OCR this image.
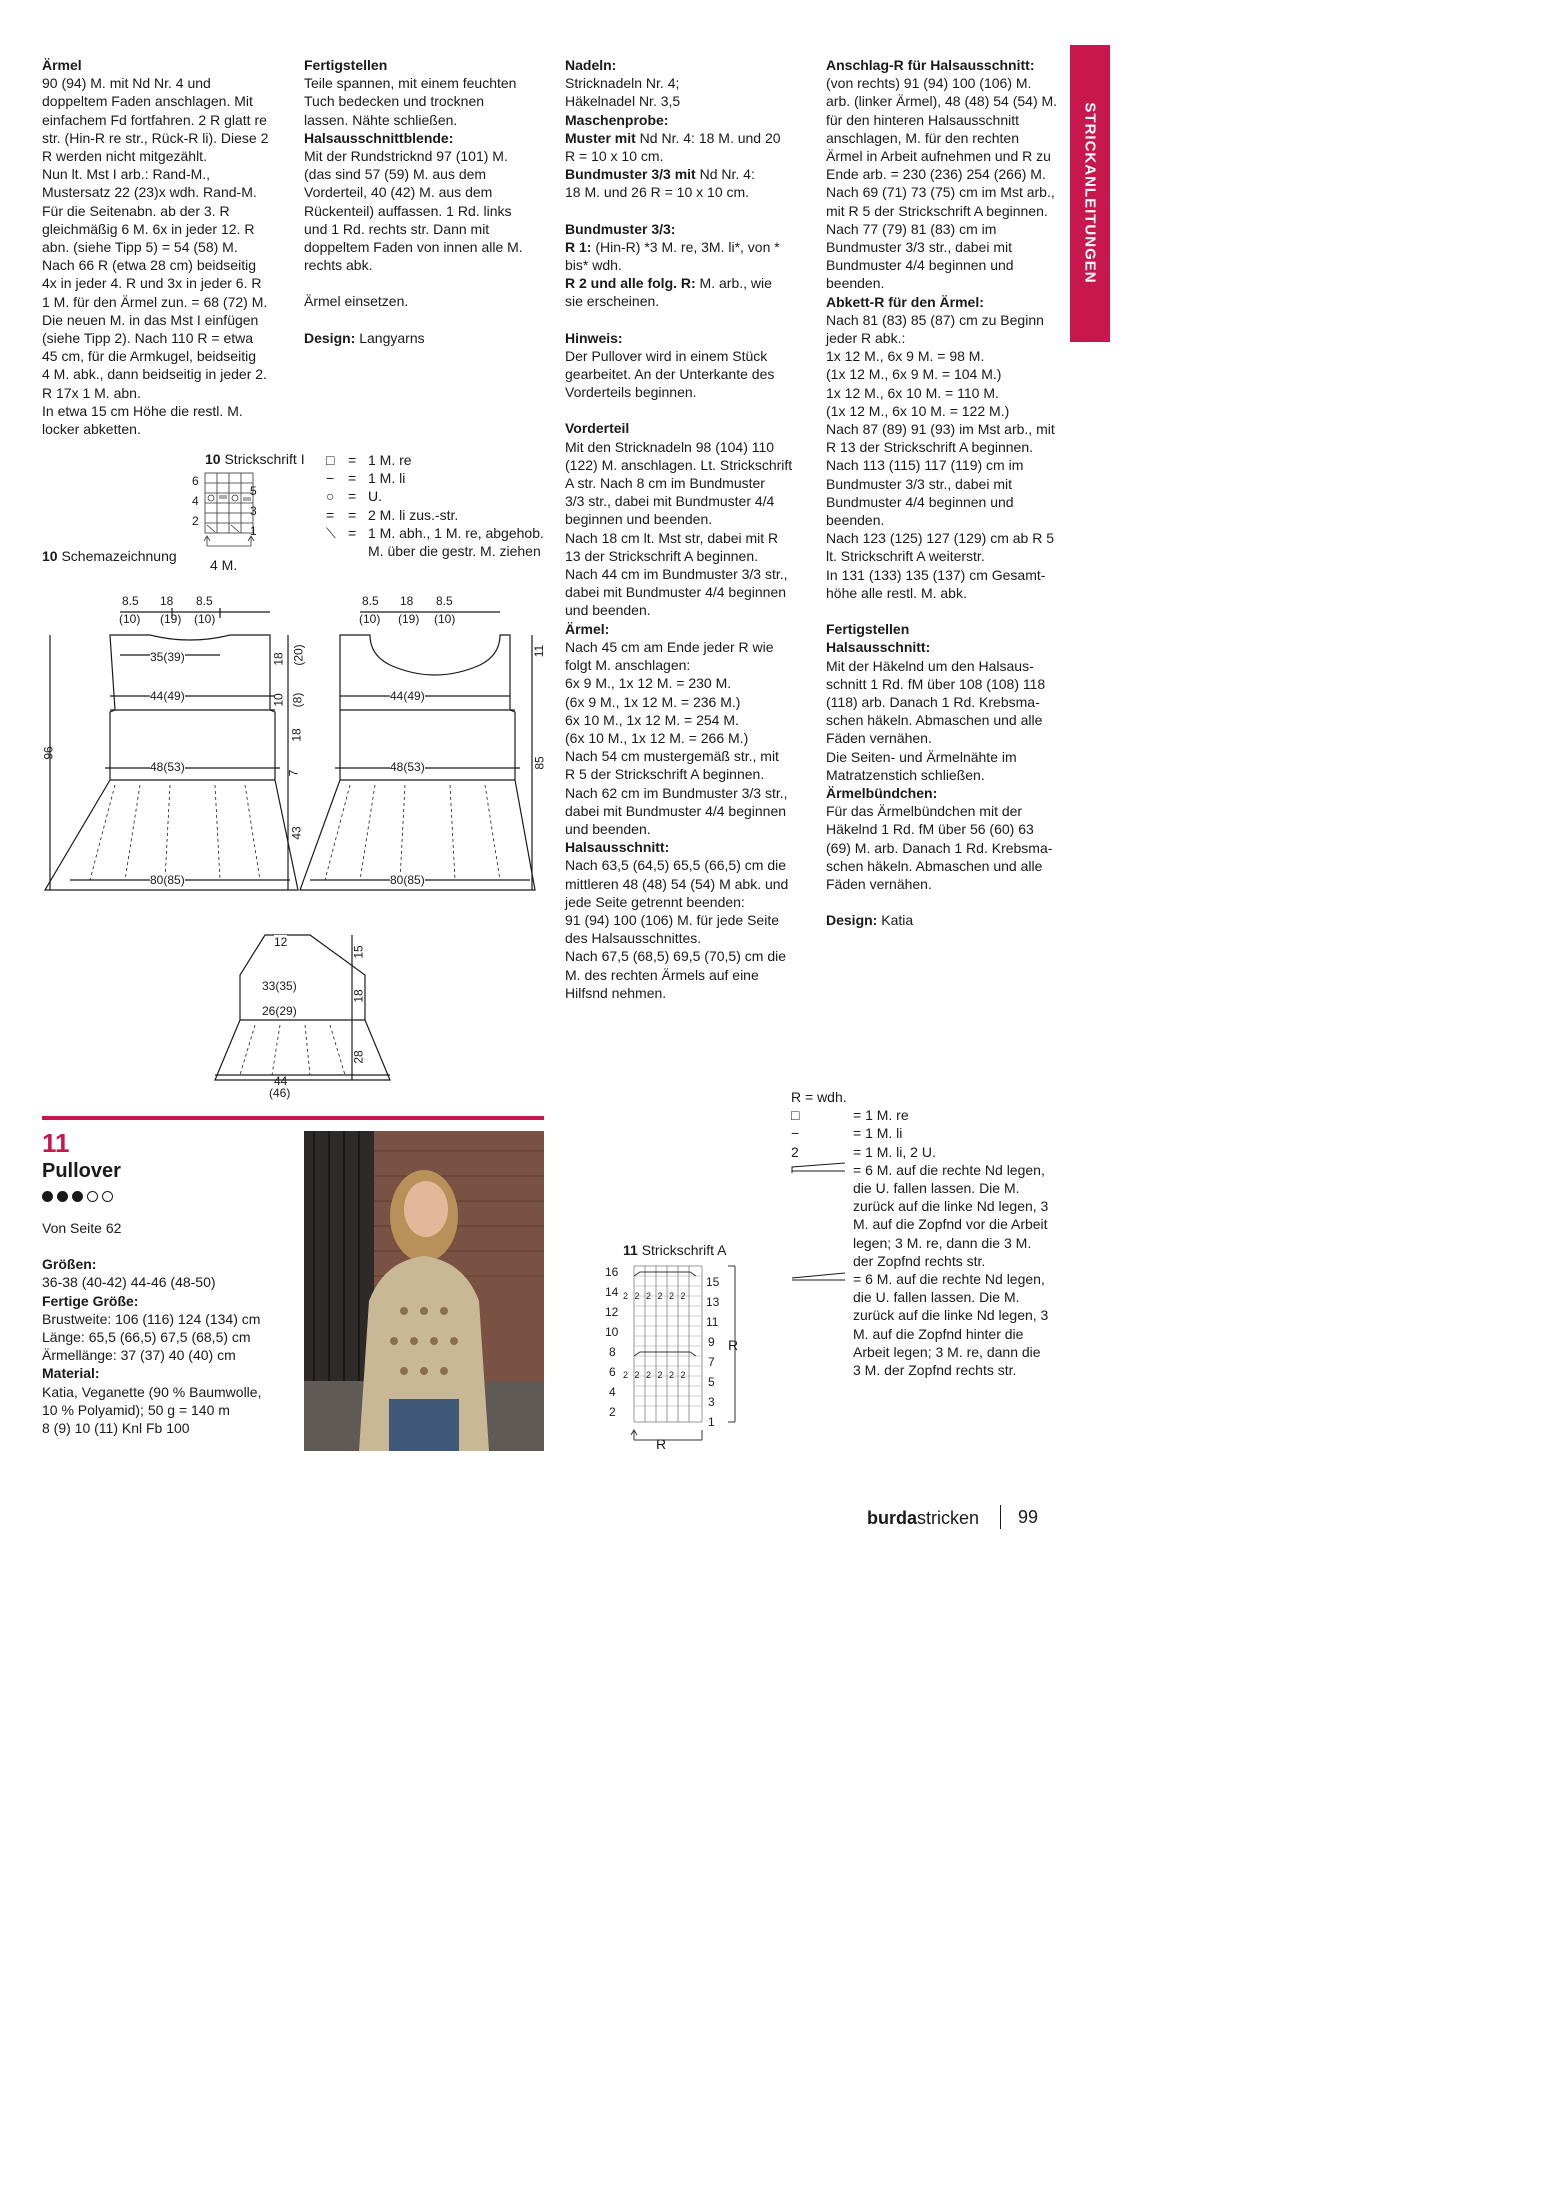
STRICKANLEITUNGEN

Ärmel

90 (94) M. mit Nd Nr. 4 und
doppeltem Faden anschlagen. Mit
einfachem Fd fortfahren. 2 R glatt re
str. (Hin-R re str., Rück-R li). Diese 2
R werden nicht mitgezählt.
Nun lt. Mst I arb.: Rand-M.,
Mustersatz 22 (23)x wdh. Rand-M.
Für die Seitenabn. ab der 3. R
gleichmäßig 6 M. 6x in jeder 12. R
abn. (siehe Tipp 5) = 54 (58) M.
Nach 66 R (etwa 28 cm) beidseitig
4x in jeder 4. R und 3x in jeder 6. R
1 M. für den Ärmel zun. = 68 (72) M.
Die neuen M. in das Mst I einfügen
(siehe Tipp 2). Nach 110 R = etwa
45 cm, für die Armkugel, beidseitig
4 M. abk., dann beidseitig in jeder 2.
R 17x 1 M. abn.
In etwa 15 cm Höhe die restl. M.
locker abketten.

Fertigstellen

Teile spannen, mit einem feuchten
Tuch bedecken und trocknen
lassen. Nähte schließen.

Halsausschnittblende:

Mit der Rundstricknd 97 (101) M.
(das sind 57 (59) M. aus dem
Vorderteil, 40 (42) M. aus dem
Rückenteil) auffassen. 1 Rd. links
und 1 Rd. rechts str. Dann mit
doppeltem Faden von innen alle M.
rechts abk.

Ärmel einsetzen.

Design: Langyarns

Nadeln:

Stricknadeln Nr. 4;
Häkelnadel Nr. 3,5

Maschenprobe:

Muster mit Nd Nr. 4: 18 M. und 20
R = 10 x 10 cm.

Bundmuster 3/3 mit Nd Nr. 4:
18 M. und 26 R = 10 x 10 cm.

Bundmuster 3/3:

R 1: (Hin-R) *3 M. re, 3M. li*, von *
bis* wdh.

R 2 und alle folg. R: M. arb., wie
sie erscheinen.

Hinweis:

Der Pullover wird in einem Stück
gearbeitet. An der Unterkante des
Vorderteils beginnen.

Vorderteil

Mit den Stricknadeln 98 (104) 110
(122) M. anschlagen. Lt. Strickschrift
A str. Nach 8 cm im Bundmuster
3/3 str., dabei mit Bundmuster 4/4
beginnen und beenden.
Nach 18 cm lt. Mst str, dabei mit R
13 der Strickschrift A beginnen.
Nach 44 cm im Bundmuster 3/3 str.,
dabei mit Bundmuster 4/4 beginnen
und beenden.

Ärmel:

Nach 45 cm am Ende jeder R wie
folgt M. anschlagen:
6x 9 M., 1x 12 M. = 230 M.
(6x 9 M., 1x 12 M. = 236 M.)
6x 10 M., 1x 12 M. = 254 M.
(6x 10 M., 1x 12 M. = 266 M.)
Nach 54 cm mustergemäß str., mit
R 5 der Strickschrift A beginnen.
Nach 62 cm im Bundmuster 3/3 str.,
dabei mit Bundmuster 4/4 beginnen
und beenden.

Halsausschnitt:

Nach 63,5 (64,5) 65,5 (66,5) cm die
mittleren 48 (48) 54 (54) M abk. und
jede Seite getrennt beenden:
91 (94) 100 (106) M. für jede Seite
des Halsausschnittes.
Nach 67,5 (68,5) 69,5 (70,5) cm die
M. des rechten Ärmels auf eine
Hilfsnd nehmen.

Anschlag-R für Halsausschnitt:

(von rechts) 91 (94) 100 (106) M.
arb. (linker Ärmel), 48 (48) 54 (54) M.
für den hinteren Halsausschnitt
anschlagen, M. für den rechten
Ärmel in Arbeit aufnehmen und R zu
Ende arb. = 230 (236) 254 (266) M.
Nach 69 (71) 73 (75) cm im Mst arb.,
mit R 5 der Strickschrift A beginnen.
Nach 77 (79) 81 (83) cm im
Bundmuster 3/3 str., dabei mit
Bundmuster 4/4 beginnen und
beenden.

Abkett-R für den Ärmel:

Nach 81 (83) 85 (87) cm zu Beginn
jeder R abk.:
1x 12 M., 6x 9 M. = 98 M.
(1x 12 M., 6x 9 M. = 104 M.)
1x 12 M., 6x 10 M. = 110 M.
(1x 12 M., 6x 10 M. = 122 M.)
Nach 87 (89) 91 (93) im Mst arb., mit
R 13 der Strickschrift A beginnen.
Nach 113 (115) 117 (119) cm im
Bundmuster 3/3 str., dabei mit
Bundmuster 4/4 beginnen und
beenden.
Nach 123 (125) 127 (129) cm ab R 5
lt. Strickschrift A weiterstr.
In 131 (133) 135 (137) cm Gesamt-
höhe alle restl. M. abk.

Fertigstellen

Halsausschnitt:

Mit der Häkelnd um den Halsaus-
schnitt 1 Rd. fM über 108 (108) 118
(118) arb. Danach 1 Rd. Krebsma-
schen häkeln. Abmaschen und alle
Fäden vernähen.
Die Seiten- und Ärmelnähte im
Matratzenstich schließen.

Ärmelbündchen:

Für das Ärmelbündchen mit der
Häkelnd 1 Rd. fM über 56 (60) 63
(69) M. arb. Danach 1 Rd. Krebsma-
schen häkeln. Abmaschen und alle
Fäden vernähen.

Design: Katia

10 Strickschrift I
6
4
2
5
3
1
4 M.
□ = 1 M. re
− = 1 M. li
○ = U.
= = 2 M. li zus.-str.
⟍ = 1 M. abh., 1 M. re, abgehob.
M. über die gestr. M. ziehen
10 Schemazeichnung
8.5 18 8.5
(10) (19) (10)
35(39)
44(49)
48(53)
80(85)
96
18 (20)
10 (8)
18
7
43
8.5 18 8.5
(10) (19) (10)
44(49)
48(53)
80(85)
11
85
12
33(35)
26(29)
44
(46)
15
18
28
11
Pullover

Von Seite 62

Größen:

36-38 (40-42) 44-46 (48-50)

Fertige Größe:

Brustweite: 106 (116) 124 (134) cm
Länge: 65,5 (66,5) 67,5 (68,5) cm
Ärmellänge: 37 (37) 40 (40) cm

Material:

Katia, Veganette (90 % Baumwolle,
10 % Polyamid); 50 g = 140 m
8 (9) 10 (11) Knl Fb 100

11 Strickschrift A
2 2 2 2 2 2
2 2 2 2 2 2
16
14
12
10
8
6
4
2
15
13
11
9
7
5
3
1
R
R

R = wdh.

□	= 1 M. re
−	= 1 M. li
2	= 1 M. li, 2 U.
= 6 M. auf die rechte Nd legen,
die U. fallen lassen. Die M.
zurück auf die linke Nd legen, 3
M. auf die Zopfnd vor die Arbeit
legen; 3 M. re, dann die 3 M.
der Zopfnd rechts str.
= 6 M. auf die rechte Nd legen,
die U. fallen lassen. Die M.
zurück auf die linke Nd legen, 3
M. auf die Zopfnd hinter die
Arbeit legen; 3 M. re, dann die
3 M. der Zopfnd rechts str.
burdastricken 99
